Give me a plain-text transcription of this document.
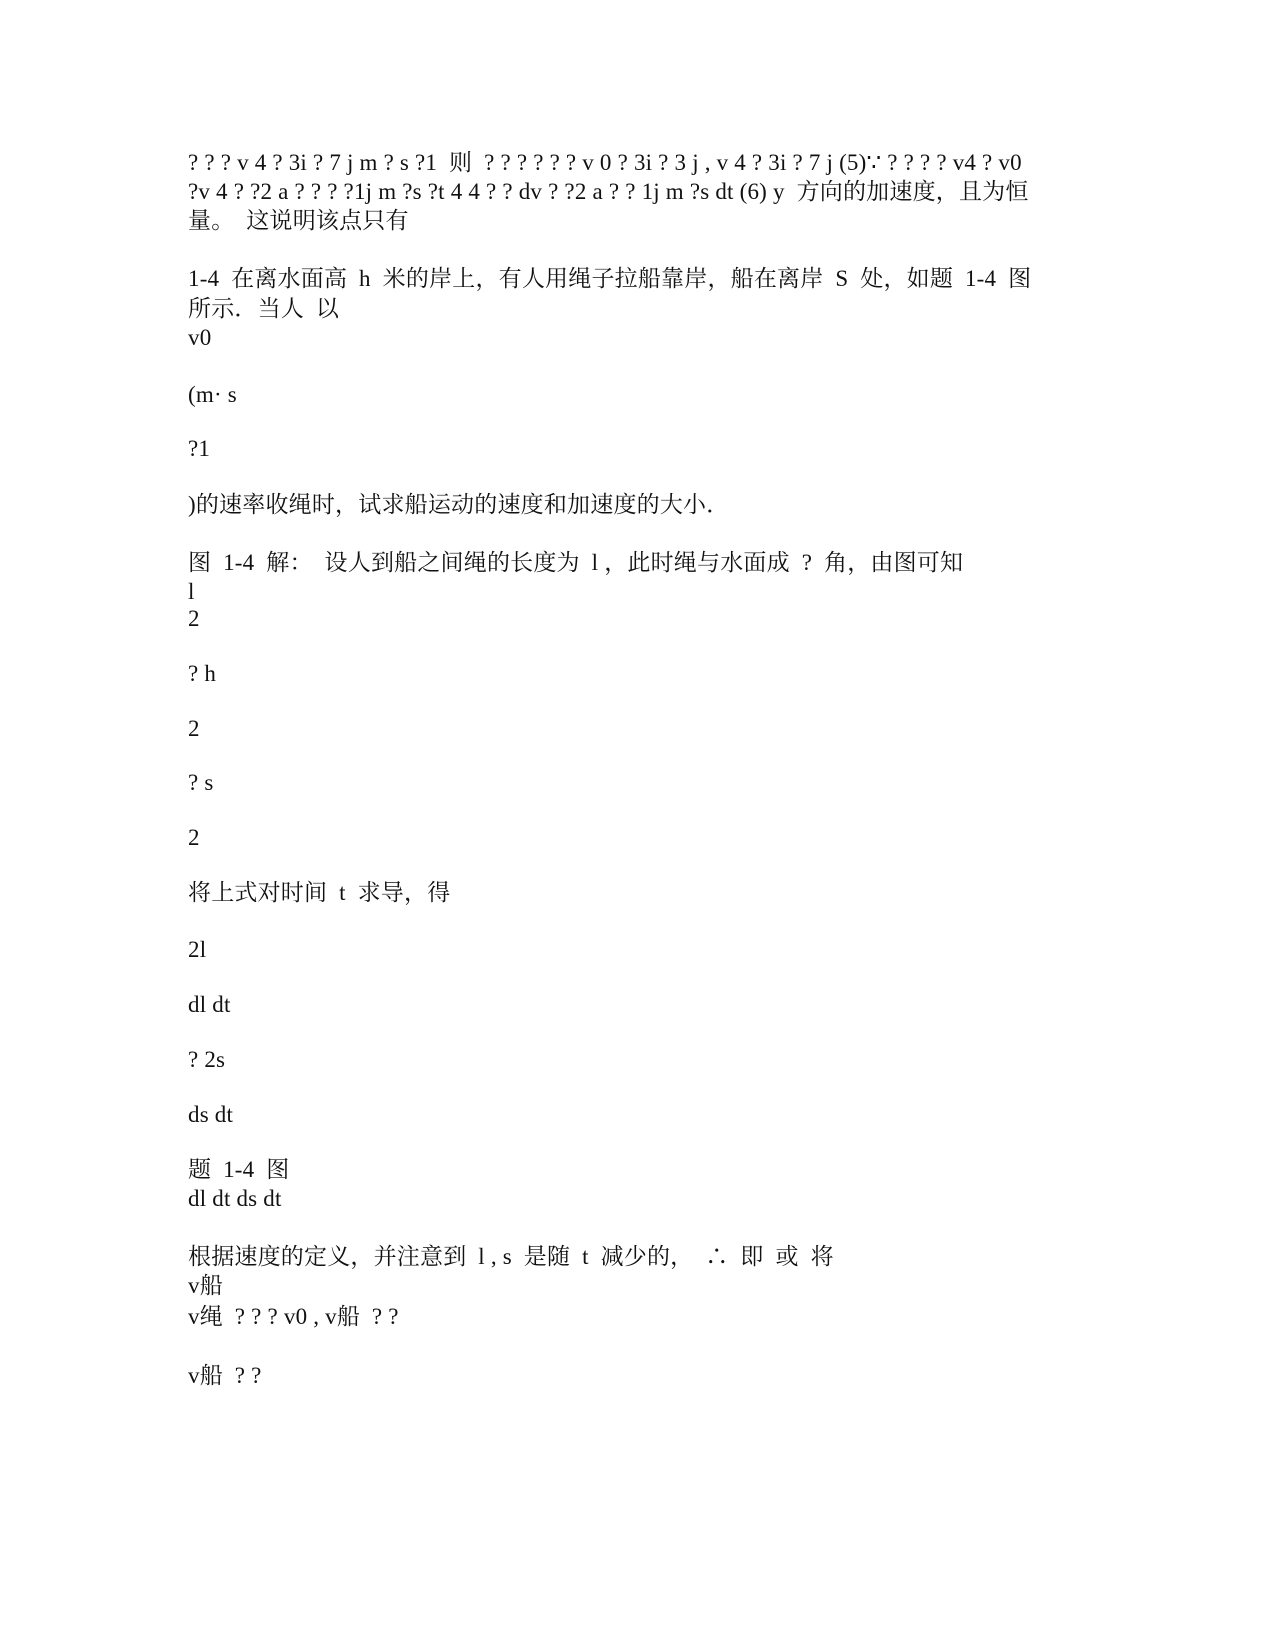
? ? ? v 4 ? 3i ? 7 j m ? s ?1  则  ? ? ? ? ? ? v 0 ? 3i ? 3 j , v 4 ? 3i ? 7 j (5)∵ ? ? ? ? v4 ? v0
?v 4 ? ?2 a ? ? ? ?1j m ?s ?t 4 4 ? ? dv ? ?2 a ? ? 1j m ?s dt (6) y  方向的加速度，且为恒
量。  这说明该点只有
1-4  在离水面高  h  米的岸上，有人用绳子拉船靠岸，船在离岸  S  处，如题  1-4  图
所示．当人  以
v0
(m· s
?1
)的速率收绳时，试求船运动的速度和加速度的大小．
图  1-4  解：  设人到船之间绳的长度为  l ，此时绳与水面成  ?  角，由图可知
l
2
? h
2
? s
2
将上式对时间  t  求导，得
2l
dl dt
? 2s
ds dt
题  1-4  图
dl dt ds dt
根据速度的定义，并注意到  l , s  是随  t  减少的，  ∴  即  或  将
v船
v绳  ? ? ? v0 , v船  ? ?
v船  ? ?
